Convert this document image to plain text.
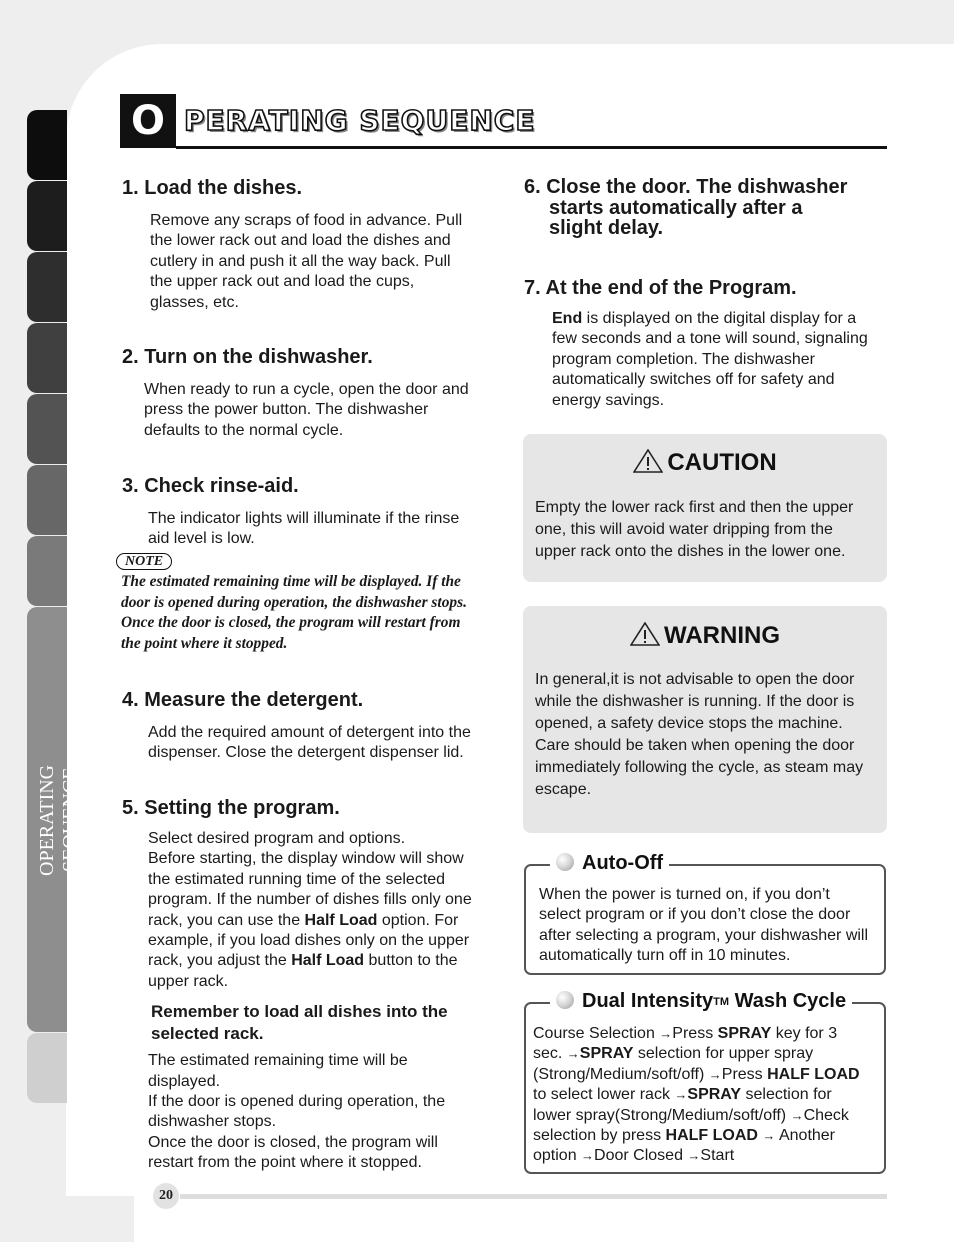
OPERATING SEQUENCE
O PERATING SEQUENCE
1. Load the dishes.
Remove any scraps of food in advance. Pull
the lower rack out and load the dishes and
cutlery in and push it all the way back. Pull
the upper rack out and load the cups,
glasses, etc.
2. Turn on the dishwasher.
When ready to run a cycle, open the door and
press the power button. The dishwasher
defaults to the normal cycle.
3. Check rinse-aid.
The indicator lights will illuminate if the rinse
aid level is low.
NOTE
The estimated remaining time will be displayed. If the
door is opened during operation, the dishwasher stops.
Once the door is closed, the program will restart from
the point where it stopped.
4. Measure the detergent.
Add the required amount of detergent into the
dispenser. Close the detergent dispenser lid.
5. Setting the program.
Select desired program and options.
Before starting, the display window will show
the estimated running time of the selected
program. If the number of dishes fills only one
rack, you can use the Half Load option. For
example, if you load dishes only on the upper
rack, you adjust the Half Load button to the
upper rack.
Remember to load all dishes into the
selected rack.
The estimated remaining time will be
displayed.
If the door is opened during operation, the
dishwasher stops.
Once the door is closed, the program will
restart from the point where it stopped.
6. Close the door. The dishwasher
starts automatically after a
slight delay.
7. At the end of the Program.
End is displayed on the digital display for a
few seconds and a tone will sound, signaling
program completion. The dishwasher
automatically switches off for safety and
energy savings.
CAUTION
Empty the lower rack first and then the upper
one, this will avoid water dripping from the
upper rack onto the dishes in the lower one.
WARNING
In general,it is not advisable to open the door
while the dishwasher is running. If the door is
opened, a safety device stops the machine.
Care should be taken when opening the door
immediately following the cycle, as steam may
escape.
Auto-Off
When the power is turned on, if you don’t
select program or if you don’t close the door
after selecting a program, your dishwasher will
automatically turn off in 10 minutes.
Dual IntensityTM Wash Cycle
Course Selection →Press SPRAY key for 3
sec. →SPRAY selection for upper spray
(Strong/Medium/soft/off) →Press HALF LOAD
to select lower rack →SPRAY selection for
lower spray(Strong/Medium/soft/off) →Check
selection by press HALF LOAD → Another
option →Door Closed →Start
20
